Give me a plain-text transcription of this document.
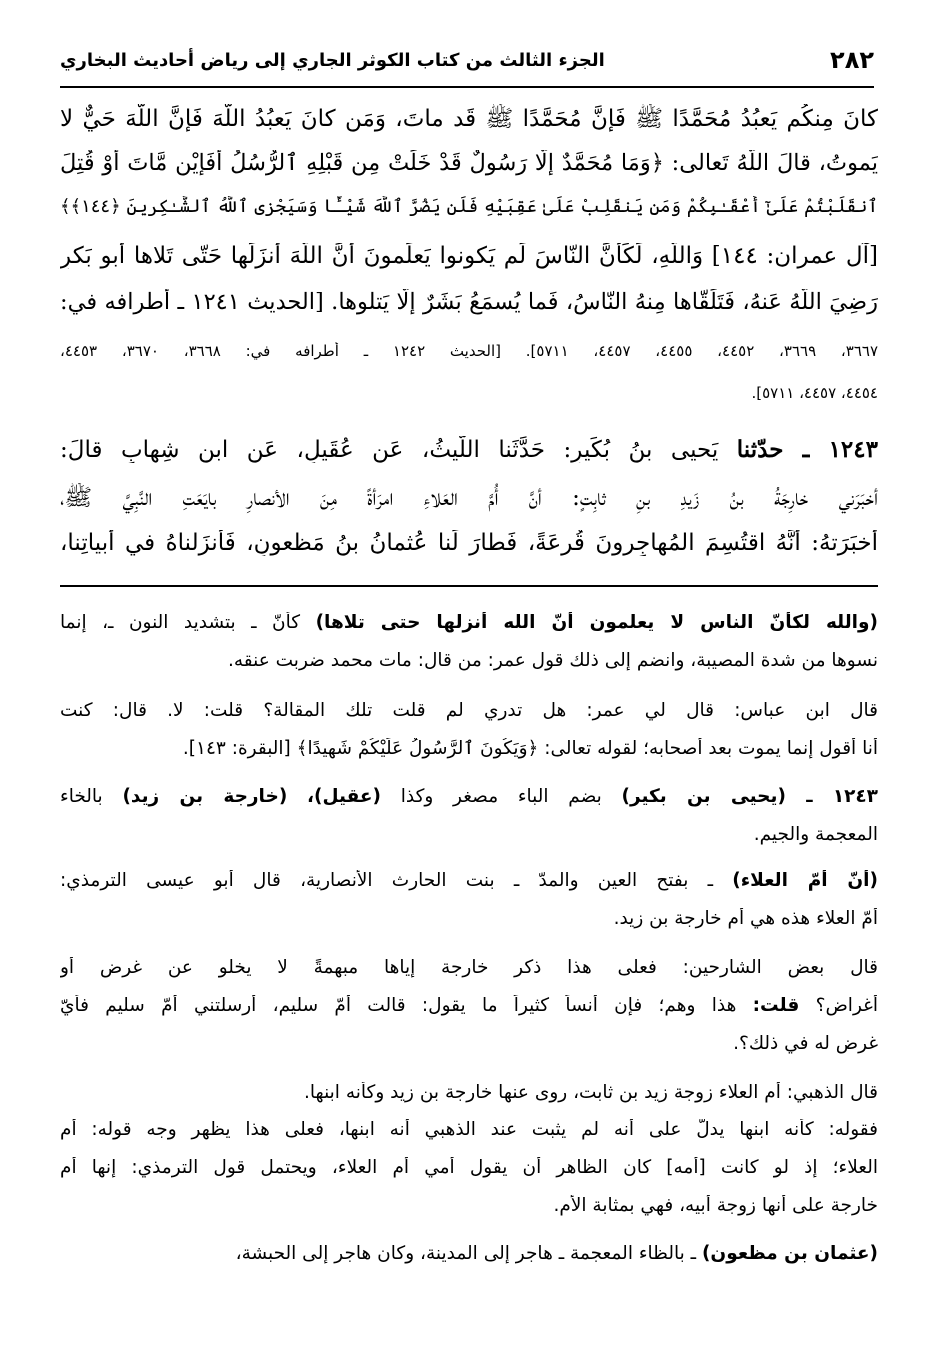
٢٨٢
الجزء الثالث من كتاب الكوثر الجاري إلى رياض أحاديث البخاري
كانَ مِنكُم يَعبُدُ مُحَمَّدًا ﷺ فَإنَّ مُحَمَّدًا ﷺ قَد ماتَ، وَمَن كانَ يَعبُدُ اللَّهَ فَإنَّ اللَّهَ حَيٌّ لا
يَموتُ، قالَ اللَّهُ تَعالى: ﴿وَمَا مُحَمَّدٌ إِلَّا رَسُولٌ قَدْ خَلَتْ مِن قَبْلِهِ ٱلرُّسُلُ أَفَإِيْن مَّاتَ أَوْ قُتِلَ
ٱنقَلَبْتُمْ عَلَىٰٓ أَعْقَـٰبِكُمْ وَمَن يَنقَلِبْ عَلَىٰ عَقِبَيْهِ فَلَن يَضُرَّ ٱللَّهَ شَيْـًٔا وَسَيَجْزِى ٱللَّهُ ٱلشَّـٰكِرِينَ ﴿١٤٤﴾﴾
[آل عمران: ١٤٤] وَاللَّهِ، لَكَأنَّ النّاسَ لَم يَكونوا يَعلَمونَ أنَّ اللَّهَ أنزَلَها حَتّى تَلاها أبو بَكرٍ
رَضِيَ اللَّهُ عَنهُ، فَتَلَقّاها مِنهُ النّاسُ، فَما يُسمَعُ بَشَرٌ إلّا يَتلوها. [الحديث ١٢٤١ ـ أطرافه في:
٣٦٦٧، ٣٦٦٩، ٤٤٥٢، ٤٤٥٥، ٤٤٥٧، ٥٧١١]. [الحديث ١٢٤٢ ـ أطرافه في: ٣٦٦٨، ٣٦٧٠، ٤٤٥٣،
٤٤٥٤، ٤٤٥٧، ٥٧١١].
١٢٤٣ ـ حدّثنا يَحيى بنُ بُكَيرٍ: حَدَّثَنا اللَّيثُ، عَن عُقَيلٍ، عَنِ ابنِ شِهابٍ قالَ:
أخبَرَني خارِجَةُ بنُ زَيدِ بنِ ثابِتٍ: أنَّ أُمَّ العَلاءِ امرَأةً مِنَ الأنصارِ بايَعَتِ النَّبِيَّ ﷺ،
أخبَرَتهُ: أنَّهُ اقتُسِمَ المُهاجِرونَ قُرعَةً، فَطارَ لَنا عُثمانُ بنُ مَظعونٍ، فَأنزَلناهُ في أبياتِنا،
(والله لكأنّ الناس لا يعلمون أنّ الله أنزلها حتى تلاها) كأنّ ـ بتشديد النون ـ، إنما
نسوها من شدة المصيبة، وانضم إلى ذلك قول عمر: من قال: مات محمد ضربت عنقه.
قال ابن عباس: قال لي عمر: هل تدري لم قلت تلك المقالة؟ قلت: لا. قال: كنت
أنا أقول إنما يموت بعد أصحابه؛ لقوله تعالى: ﴿وَيَكُونَ ٱلرَّسُولُ عَلَيْكُمْ شَهِيدًا﴾ [البقرة: ١٤٣].
١٢٤٣ ـ (يحيى بن بكير) بضم الباء مصغر وكذا (عقيل)، (خارجة بن زيد) بالخاء
المعجمة والجيم.
(أنّ أمّ العلاء) ـ بفتح العين والمدّ ـ بنت الحارث الأنصارية، قال أبو عيسى الترمذي:
أمّ العلاء هذه هي أم خارجة بن زيد.
قال بعض الشارحين: فعلى هذا ذكر خارجة إياها مبهمةً لا يخلو عن غرض أو
أغراض؟ قلت: هذا وهم؛ فإن أنساً كثيراً ما يقول: قالت أمّ سليم، أرسلتني أمّ سليم فأيّ
غرض له في ذلك؟.
قال الذهبي: أم العلاء زوجة زيد بن ثابت، روى عنها خارجة بن زيد وكأنه ابنها.
فقوله: كأنه ابنها يدلّ على أنه لم يثبت عند الذهبي أنه ابنها، فعلى هذا يظهر وجه قوله: أم
العلاء؛ إذ لو كانت [أمه] كان الظاهر أن يقول أمي أم العلاء، ويحتمل قول الترمذي: إنها أم
خارجة على أنها زوجة أبيه، فهي بمثابة الأم.
(عثمان بن مظعون) ـ بالظاء المعجمة ـ هاجر إلى المدينة، وكان هاجر إلى الحبشة،
